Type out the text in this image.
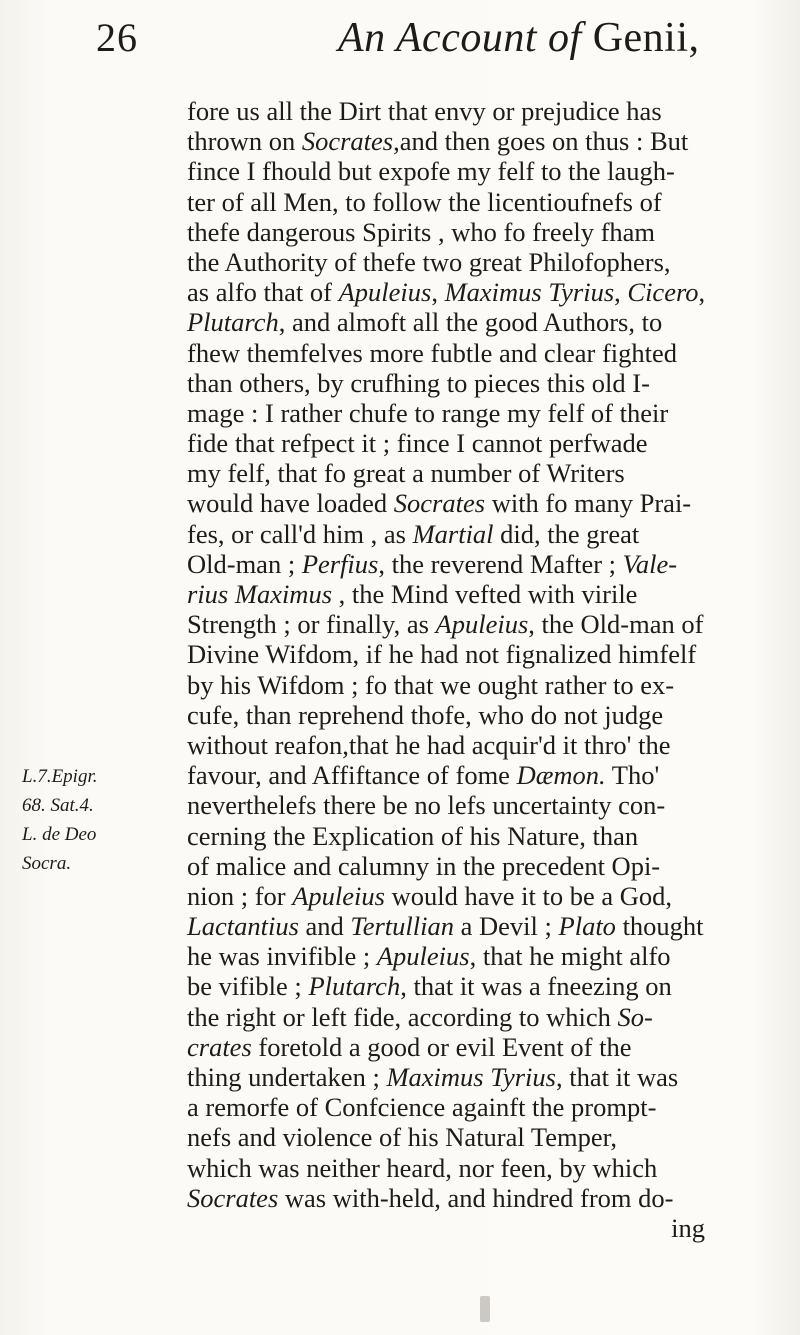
26	An Account of Genii,
L.7.Epigr.
68. Sat.4.
L. de Deo
Socra.
fore us all the Dirt that envy or prejudice has
thrown on Socrates,and then goes on thus : But
fince I fhould but expofe my felf to the laugh-
ter of all Men, to follow the licentioufnefs of
thefe dangerous Spirits , who fo freely fham
the Authority of thefe two great Philofophers,
as alfo that of Apuleius, Maximus Tyrius, Cicero,
Plutarch, and almoft all the good Authors, to
fhew themfelves more fubtle and clear fighted
than others, by crufhing to pieces this old I-
mage : I rather chufe to range my felf of their
fide that refpect it ; fince I cannot perfwade
my felf, that fo great a number of Writers
would have loaded Socrates with fo many Prai-
fes, or call'd him , as Martial did, the great
Old-man ; Perfius, the reverend Mafter ; Vale-
rius Maximus , the Mind vefted with virile
Strength ; or finally, as Apuleius, the Old-man of
Divine Wifdom, if he had not fignalized himfelf
by his Wifdom ; fo that we ought rather to ex-
cufe, than reprehend thofe, who do not judge
without reafon,that he had acquir'd it thro' the
favour, and Affiftance of fome Dæmon. Tho'
neverthelefs there be no lefs uncertainty con-
cerning the Explication of his Nature, than
of malice and calumny in the precedent Opi-
nion ; for Apuleius would have it to be a God,
Lactantius and Tertullian a Devil ; Plato thought
he was invifible ; Apuleius, that he might alfo
be vifible ; Plutarch, that it was a fneezing on
the right or left fide, according to which So-
crates foretold a good or evil Event of the
thing undertaken ; Maximus Tyrius, that it was
a remorfe of Confcience againft the prompt-
nefs and violence of his Natural Temper,
which was neither heard, nor feen, by which
Socrates was with-held, and hindred from do-
ing
